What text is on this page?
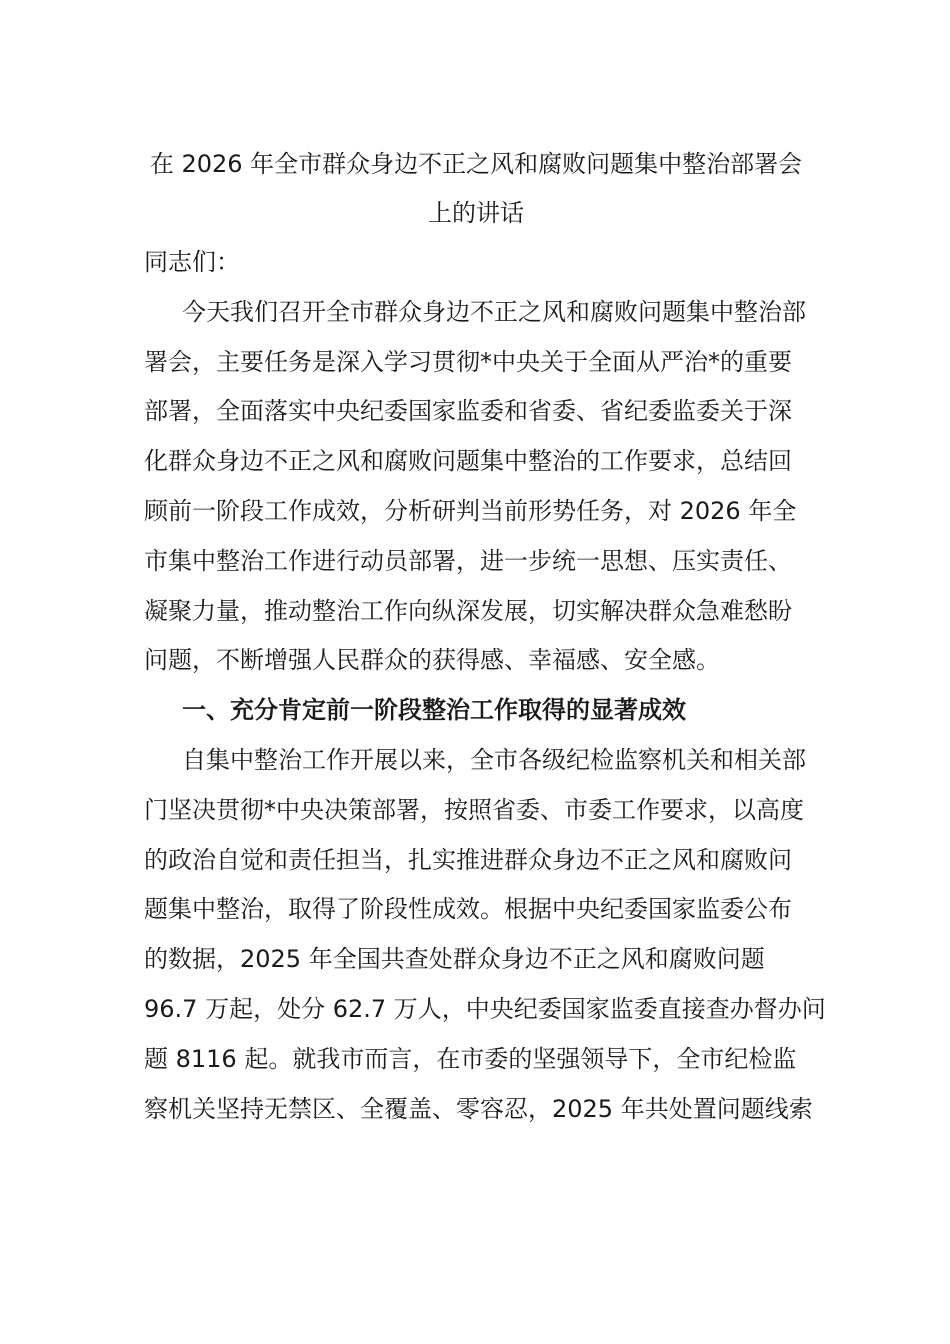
在 2026 年全市群众身边不正之风和腐败问题集中整治部署会
上的讲话

同志们：

今天我们召开全市群众身边不正之风和腐败问题集中整治部
署会，主要任务是深入学习贯彻*中央关于全面从严治*的重要
部署，全面落实中央纪委国家监委和省委、省纪委监委关于深
化群众身边不正之风和腐败问题集中整治的工作要求，总结回
顾前一阶段工作成效，分析研判当前形势任务，对 2026 年全
市集中整治工作进行动员部署，进一步统一思想、压实责任、
凝聚力量，推动整治工作向纵深发展，切实解决群众急难愁盼
问题，不断增强人民群众的获得感、幸福感、安全感。

一、充分肯定前一阶段整治工作取得的显著成效

自集中整治工作开展以来，全市各级纪检监察机关和相关部
门坚决贯彻*中央决策部署，按照省委、市委工作要求，以高度
的政治自觉和责任担当，扎实推进群众身边不正之风和腐败问
题集中整治，取得了阶段性成效。根据中央纪委国家监委公布
的数据，2025 年全国共查处群众身边不正之风和腐败问题
96.7 万起，处分 62.7 万人，中央纪委国家监委直接查办督办问
题 8116 起。就我市而言，在市委的坚强领导下，全市纪检监
察机关坚持无禁区、全覆盖、零容忍，2025 年共处置问题线索
